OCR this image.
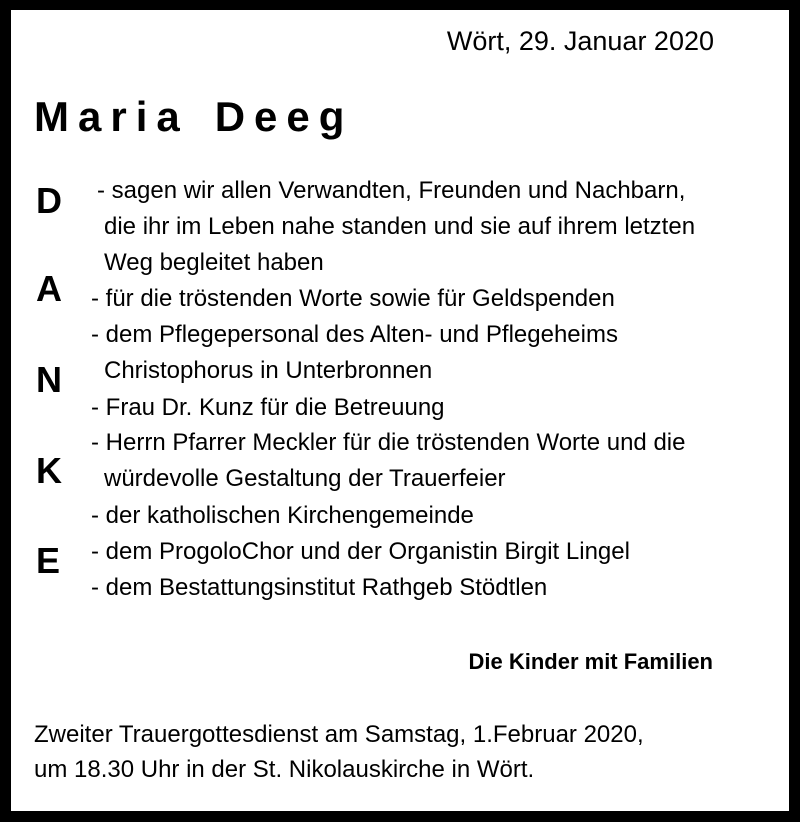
Wört, 29. Januar 2020
Maria Deeg
D
A
N
K
E
- sagen wir allen Verwandten, Freunden und Nachbarn,
die ihr im Leben nahe standen und sie auf ihrem letzten
Weg begleitet haben
- für die tröstenden Worte sowie für Geldspenden
- dem Pflegepersonal des Alten- und Pflegeheims
Christophorus in Unterbronnen
- Frau Dr. Kunz für die Betreuung
- Herrn Pfarrer Meckler für die tröstenden Worte und die
würdevolle Gestaltung der Trauerfeier
- der katholischen Kirchengemeinde
- dem ProgoloChor und der Organistin Birgit Lingel
- dem Bestattungsinstitut Rathgeb Stödtlen
Die Kinder mit Familien
Zweiter Trauergottesdienst am Samstag, 1.Februar 2020,
um 18.30 Uhr in der St. Nikolauskirche in Wört.
